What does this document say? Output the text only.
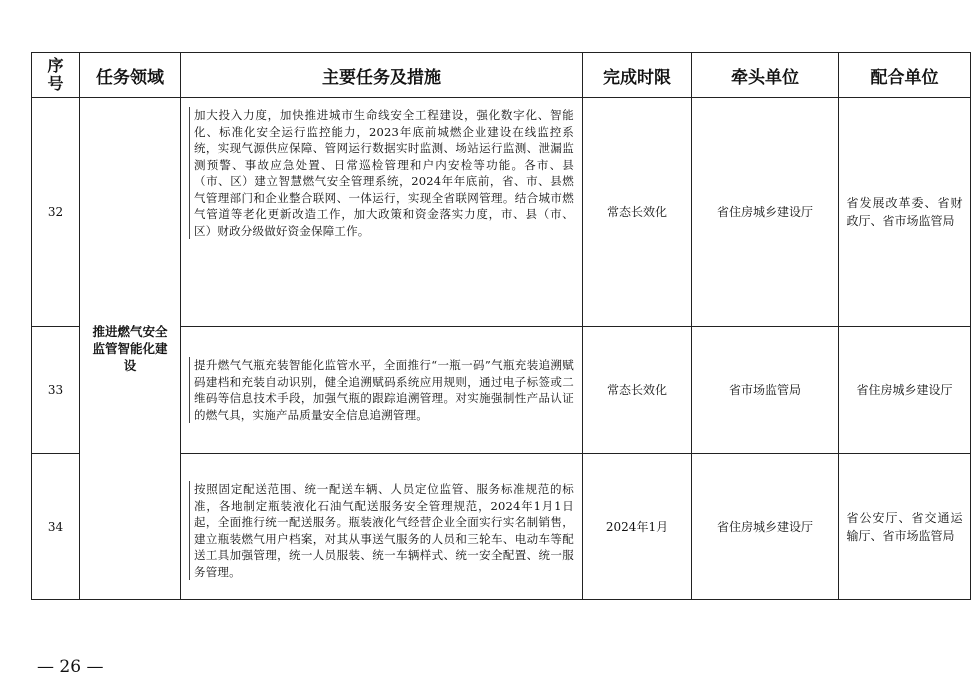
序号	任务领域	主要任务及措施	完成时限	牵头单位	配合单位
32	推进燃气安全监管智能化建设	加大投入力度，加快推进城市生命线安全工程建设，强化数字化、智能化、标准化安全运行监控能力，2023年底前城燃企业建设在线监控系统，实现气源供应保障、管网运行数据实时监测、场站运行监测、泄漏监测预警、事故应急处置、日常巡检管理和户内安检等功能。各市、县（市、区）建立智慧燃气安全管理系统，2024年年底前，省、市、县燃气管理部门和企业整合联网、一体运行，实现全省联网管理。结合城市燃气管道等老化更新改造工作，加大政策和资金落实力度，市、县（市、区）财政分级做好资金保障工作。	常态长效化	省住房城乡建设厅	省发展改革委、省财政厅、省市场监管局

33		提升燃气气瓶充装智能化监管水平，全面推行“一瓶一码”气瓶充装追溯赋码建档和充装自动识别，健全追溯赋码系统应用规则，通过电子标签或二维码等信息技术手段，加强气瓶的跟踪追溯管理。对实施强制性产品认证的燃气具，实施产品质量安全信息追溯管理。	常态长效化	省市场监管局	省住房城乡建设厅
34		按照固定配送范围、统一配送车辆、人员定位监管、服务标准规范的标准，各地制定瓶装液化石油气配送服务安全管理规范，2024年1月1日起，全面推行统一配送服务。瓶装液化气经营企业全面实行实名制销售，建立瓶装燃气用户档案，对其从事送气服务的人员和三轮车、电动车等配送工具加强管理，统一人员服装、统一车辆样式、统一安全配置、统一服务管理。	2024年1月	省住房城乡建设厅	省公安厅、省交通运输厅、省市场监管局
— 26 —
